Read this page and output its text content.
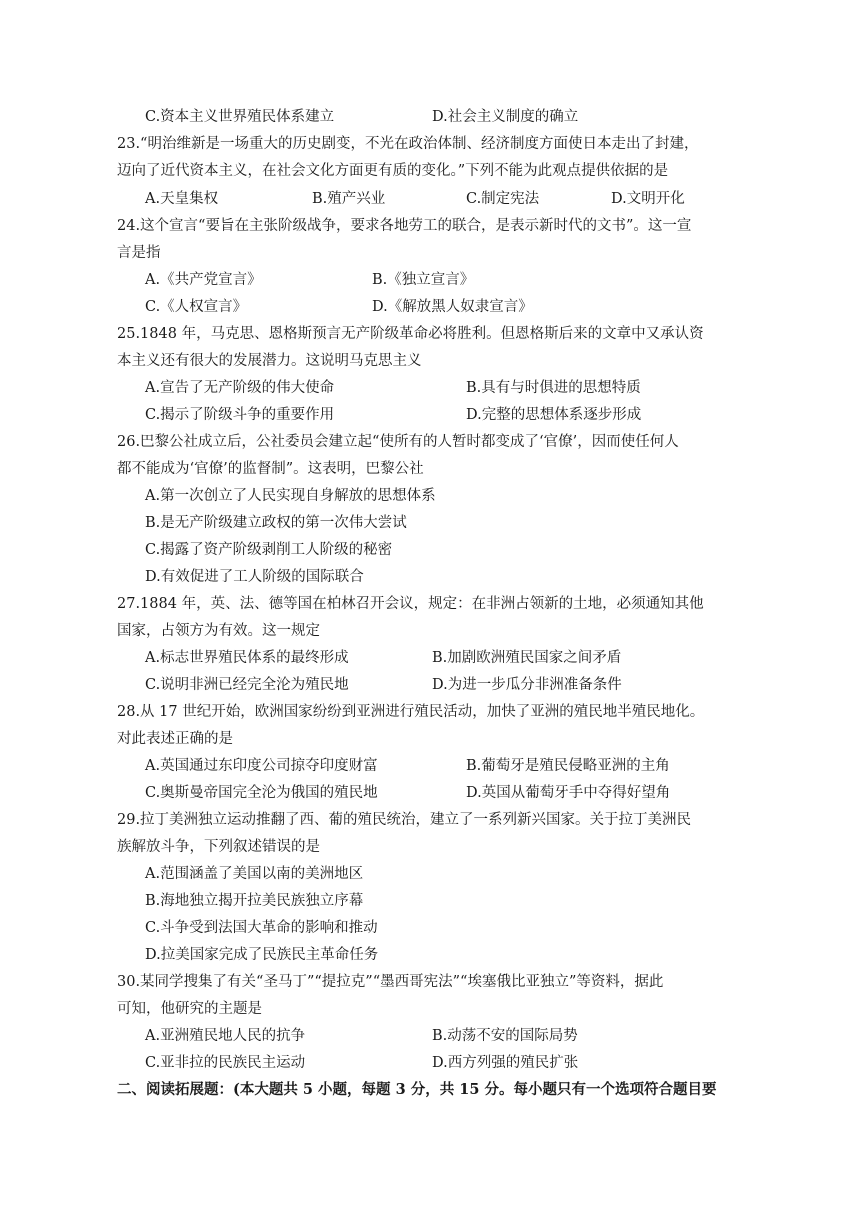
C.资本主义世界殖民体系建立	D.社会主义制度的确立
23.“明治维新是一场重大的历史剧变，不光在政治体制、经济制度方面使日本走出了封建，
迈向了近代资本主义，在社会文化方面更有质的变化。”下列不能为此观点提供依据的是
A.天皇集权	B.殖产兴业	C.制定宪法	D.文明开化
24.这个宣言“要旨在主张阶级战争，要求各地劳工的联合，是表示新时代的文书”。这一宣
言是指
A.《共产党宣言》	B.《独立宣言》
C.《人权宣言》	D.《解放黑人奴隶宣言》
25.1848 年，马克思、恩格斯预言无产阶级革命必将胜利。但恩格斯后来的文章中又承认资
本主义还有很大的发展潜力。这说明马克思主义
A.宣告了无产阶级的伟大使命	B.具有与时俱进的思想特质
C.揭示了阶级斗争的重要作用	D.完整的思想体系逐步形成
26.巴黎公社成立后，公社委员会建立起“使所有的人暂时都变成了‘官僚’，因而使任何人
都不能成为‘官僚’的监督制”。这表明，巴黎公社
A.第一次创立了人民实现自身解放的思想体系
B.是无产阶级建立政权的第一次伟大尝试
C.揭露了资产阶级剥削工人阶级的秘密
D.有效促进了工人阶级的国际联合
27.1884 年，英、法、德等国在柏林召开会议，规定：在非洲占领新的土地，必须通知其他
国家，占领方为有效。这一规定
A.标志世界殖民体系的最终形成	B.加剧欧洲殖民国家之间矛盾
C.说明非洲已经完全沦为殖民地	D.为进一步瓜分非洲准备条件
28.从 17 世纪开始，欧洲国家纷纷到亚洲进行殖民活动，加快了亚洲的殖民地半殖民地化。
对此表述正确的是
A.英国通过东印度公司掠夺印度财富	B.葡萄牙是殖民侵略亚洲的主角
C.奥斯曼帝国完全沦为俄国的殖民地	D.英国从葡萄牙手中夺得好望角
29.拉丁美洲独立运动推翻了西、葡的殖民统治，建立了一系列新兴国家。关于拉丁美洲民
族解放斗争，下列叙述错误的是
A.范围涵盖了美国以南的美洲地区
B.海地独立揭开拉美民族独立序幕
C.斗争受到法国大革命的影响和推动
D.拉美国家完成了民族民主革命任务
30.某同学搜集了有关“圣马丁”“提拉克”“墨西哥宪法”“埃塞俄比亚独立”等资料，据此
可知，他研究的主题是
A.亚洲殖民地人民的抗争	B.动荡不安的国际局势
C.亚非拉的民族民主运动	D.西方列强的殖民扩张
二、阅读拓展题：(本大题共 5 小题，每题 3 分，共 15 分。每小题只有一个选项符合题目要
